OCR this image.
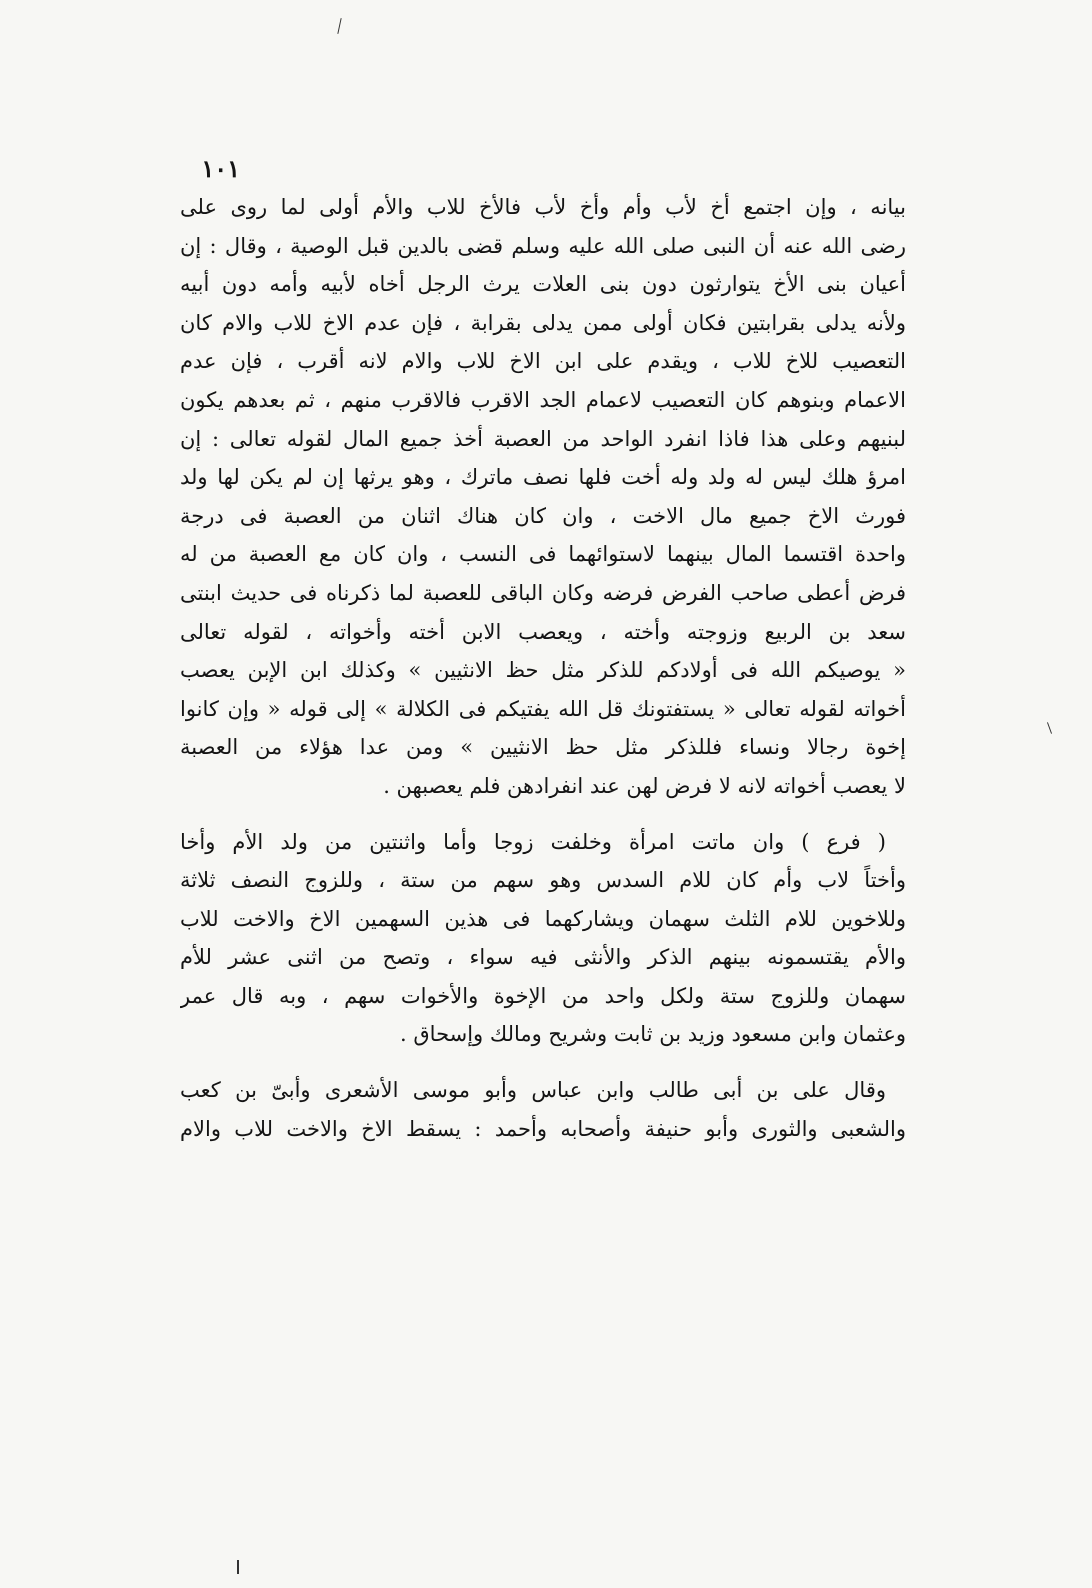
١٠١
بيانه ، وإن اجتمع أخ لأب وأم وأخ لأب فالأخ للاب والأم أولى لما روى على
رضى الله عنه أن النبى صلى الله عليه وسلم قضى بالدين قبل الوصية ، وقال : إن
أعيان بنى الأخ يتوارثون دون بنى العلات يرث الرجل أخاه لأبيه وأمه دون أبيه
ولأنه يدلى بقرابتين فكان أولى ممن يدلى بقرابة ، فإن عدم الاخ للاب والام كان
التعصيب للاخ للاب ، ويقدم على ابن الاخ للاب والام لانه أقرب ، فإن عدم
الاعمام وبنوهم كان التعصيب لاعمام الجد الاقرب فالاقرب منهم ، ثم بعدهم يكون
لبنيهم وعلى هذا فاذا انفرد الواحد من العصبة أخذ جميع المال لقوله تعالى : إن
امرؤ هلك ليس له ولد وله أخت فلها نصف ماترك ، وهو يرثها إن لم يكن لها ولد
فورث الاخ جميع مال الاخت ، وان كان هناك اثنان من العصبة فى درجة
واحدة اقتسما المال بينهما لاستوائهما فى النسب ، وان كان مع العصبة من له
فرض أعطى صاحب الفرض فرضه وكان الباقى للعصبة لما ذكرناه فى حديث ابنتى
سعد بن الربيع وزوجته وأخته ، ويعصب الابن أخته وأخواته ، لقوله تعالى
« يوصيكم الله فى أولادكم للذكر مثل حظ الانثيين » وكذلك ابن الإبن يعصب
أخواته لقوله تعالى « يستفتونك قل الله يفتيكم فى الكلالة » إلى قوله « وإن كانوا
إخوة رجالا ونساء فللذكر مثل حظ الانثيين » ومن عدا هؤلاء من العصبة
لا يعصب أخواته لانه لا فرض لهن عند انفرادهن فلم يعصبهن .
( فرع ) وان ماتت امرأة وخلفت زوجا وأما واثنتين من ولد الأم وأخا
وأختاً لاب وأم كان للام السدس وهو سهم من ستة ، وللزوج النصف ثلاثة
وللاخوين للام الثلث سهمان ويشاركهما فى هذين السهمين الاخ والاخت للاب
والأم يقتسمونه بينهم الذكر والأنثى فيه سواء ، وتصح من اثنى عشر للأم
سهمان وللزوج ستة ولكل واحد من الإخوة والأخوات سهم ، وبه قال عمر
وعثمان وابن مسعود وزيد بن ثابت وشريح ومالك وإسحاق .
وقال على بن أبى طالب وابن عباس وأبو موسى الأشعرى وأبىّ بن كعب
والشعبى والثورى وأبو حنيفة وأصحابه وأحمد : يسقط الاخ والاخت للاب والام
